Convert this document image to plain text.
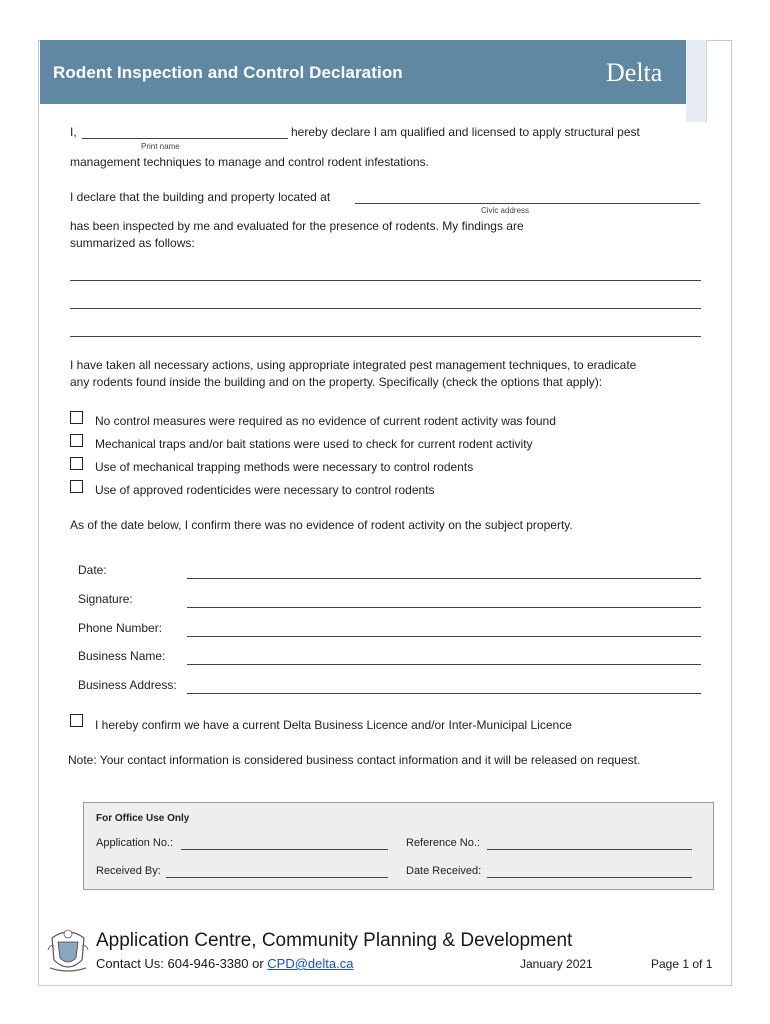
Rodent Inspection and Control Declaration	Delta
I,	hereby declare I am qualified and licensed to apply structural pest
Print name
management techniques to manage and control rodent infestations.
I declare that the building and property located at
Civic address
has been inspected by me and evaluated for the presence of rodents. My findings are
summarized as follows:
I have taken all necessary actions, using appropriate integrated pest management techniques, to eradicate
any rodents found inside the building and on the property. Specifically (check the options that apply):
No control measures were required as no evidence of current rodent activity was found
Mechanical traps and/or bait stations were used to check for current rodent activity
Use of mechanical trapping methods were necessary to control rodents
Use of approved rodenticides were necessary to control rodents
As of the date below, I confirm there was no evidence of rodent activity on the subject property.
Date:
Signature:
Phone Number:
Business Name:
Business Address:
I hereby confirm we have a current Delta Business Licence and/or Inter-Municipal Licence
Note: Your contact information is considered business contact information and it will be released on request.
For Office Use Only
Application No.:	Reference No.:
Received By:	Date Received:
Application Centre, Community Planning & Development
Contact Us: 604-946-3380 or CPD@delta.ca	January 2021	Page 1 of 1
